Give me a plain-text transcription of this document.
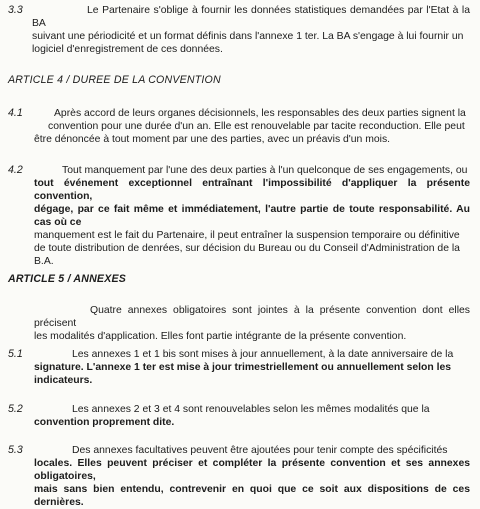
3.3	Le Partenaire s'oblige à fournir les données statistiques demandées par l'Etat à la BA
suivant une périodicité et un format définis dans l'annexe 1 ter. La BA s'engage à lui fournir un
logiciel d'enregistrement de ces données.
ARTICLE 4 / DUREE DE LA CONVENTION
4.1	Après accord de leurs organes décisionnels, les responsables des deux parties signent la
convention pour une durée d'un an. Elle est renouvelable par tacite reconduction. Elle peut
être dénoncée à tout moment par une des parties, avec un préavis d'un mois.
4.2	Tout manquement par l'une des deux parties à l'un quelconque de ses engagements, ou
tout événement exceptionnel entraînant l'impossibilité d'appliquer la présente convention,
dégage, par ce fait même et immédiatement, l'autre partie de toute responsabilité. Au cas où ce
manquement est le fait du Partenaire, il peut entraîner la suspension temporaire ou définitive
de toute distribution de denrées, sur décision du Bureau ou du Conseil d'Administration de la
B.A.
ARTICLE 5 / ANNEXES
Quatre annexes obligatoires sont jointes à la présente convention dont elles précisent
les modalités d'application. Elles font partie intégrante de la présente convention.
5.1	Les annexes 1 et 1 bis sont mises à jour annuellement, à la date anniversaire de la
signature. L'annexe 1 ter est mise à jour trimestriellement ou annuellement selon les
indicateurs.
5.2	Les annexes 2 et 3 et 4 sont renouvelables selon les mêmes modalités que la
convention proprement dite.
5.3	Des annexes facultatives peuvent être ajoutées pour tenir compte des spécificités
locales. Elles peuvent préciser et compléter la présente convention et ses annexes obligatoires,
mais sans bien entendu, contrevenir en quoi que ce soit aux dispositions de ces dernières.
